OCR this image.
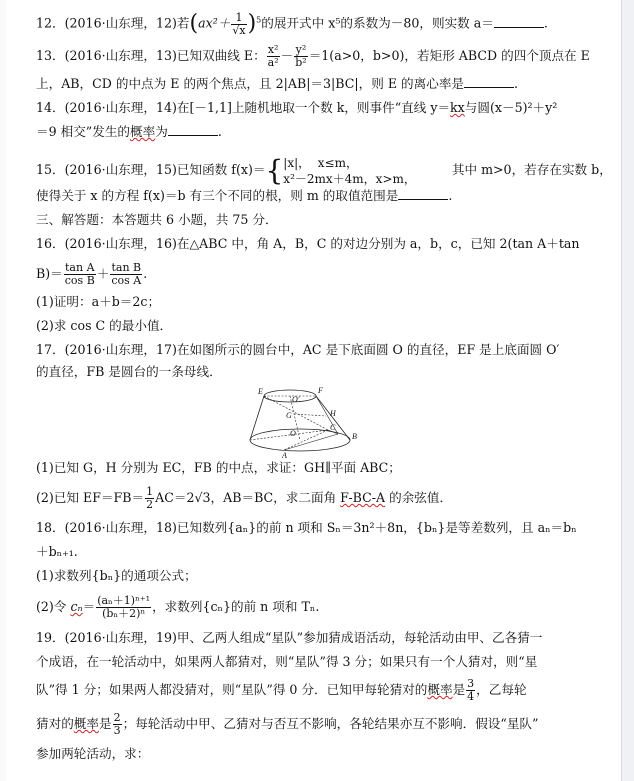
12．(2016·山东理，12)若$(ax^2+ \frac{1}{√x} )^5$的展开式中 x⁵的系数为－80，则实数 a＝	.
13．(2016·山东理，13)已知双曲线 E： $\frac{\text{x²}}{\text{a²}} - \frac{\text{y²}}{\text{b²}} =1(a>0$，b>0)，若矩形 ABCD 的四个顶点在 E
上，AB，CD 的中点为 E 的两个焦点，且 2|AB|＝3|BC|，则 E 的离心率是	.
14．(2016·山东理，14)在[－1,1]上随机地取一个数 k，则事件“直线 y＝kx与圆(x－5)²＋y²
＝9 相交”发生的概率为	.
15．(2016·山东理，15)已知函数 f(x)＝{ |x|，  x≤m，
x²－2mx＋4m，x>m，
其中 m>0，若存在实数 b，
使得关于 x 的方程 f(x)＝b 有三个不同的根，则 m 的取值范围是	.
三、解答题：本答题共 6 小题，共 75 分．
16．(2016·山东理，16)在△ABC 中，角 A，B，C 的对边分别为 a，b，c，已知 2(tan A＋tan
$B)= \frac{\text{tan A}}{\text{cos B}} + \frac{\text{tan B}}{\text{cos A}}$ .
(1)证明：a＋b＝2c；
(2)求 cos C 的最小值．
17．(2016·山东理，17)在如图所示的圆台中，AC 是下底面圆 O 的直径，EF 是上底面圆 O′
的直径，FB 是圆台的一条母线．
E	F
H
G
O′
O
C
B
A
(1)已知 G，H 分别为 EC，FB 的中点，求证：GH∥平面 ABC；
(2)已知 $EF=FB= \frac{1}{2} AC=2√3$，AB＝BC，求二面角 F-BC-A 的余弦值．
18．(2016·山东理，18)已知数列{aₙ}的前 n 项和 Sₙ＝3n²＋8n，{bₙ}是等差数列，且 aₙ＝bₙ
＋bₙ₊₁.
(1)求数列{bₙ}的通项公式；
(2)令 $c_n= \frac{\text{(aₙ＋1)ⁿ⁺¹}}{\text{(bₙ＋2)ⁿ}}$ ，求数列{cₙ}的前 n 项和 Tₙ.
19．(2016·山东理，19)甲、乙两人组成“星队”参加猜成语活动，每轮活动由甲、乙各猜一
个成语，在一轮活动中，如果两人都猜对，则“星队”得 3 分；如果只有一个人猜对，则“星
队”得 1 分；如果两人都没猜对，则“星队”得 0 分．已知甲每轮猜对的概率是 $\frac{3}{4}$ ，乙每轮
猜对的概率是 $\frac{2}{3}$ ；每轮活动中甲、乙猜对与否互不影响，各轮结果亦互不影响．假设“星队”
参加两轮活动，求：
